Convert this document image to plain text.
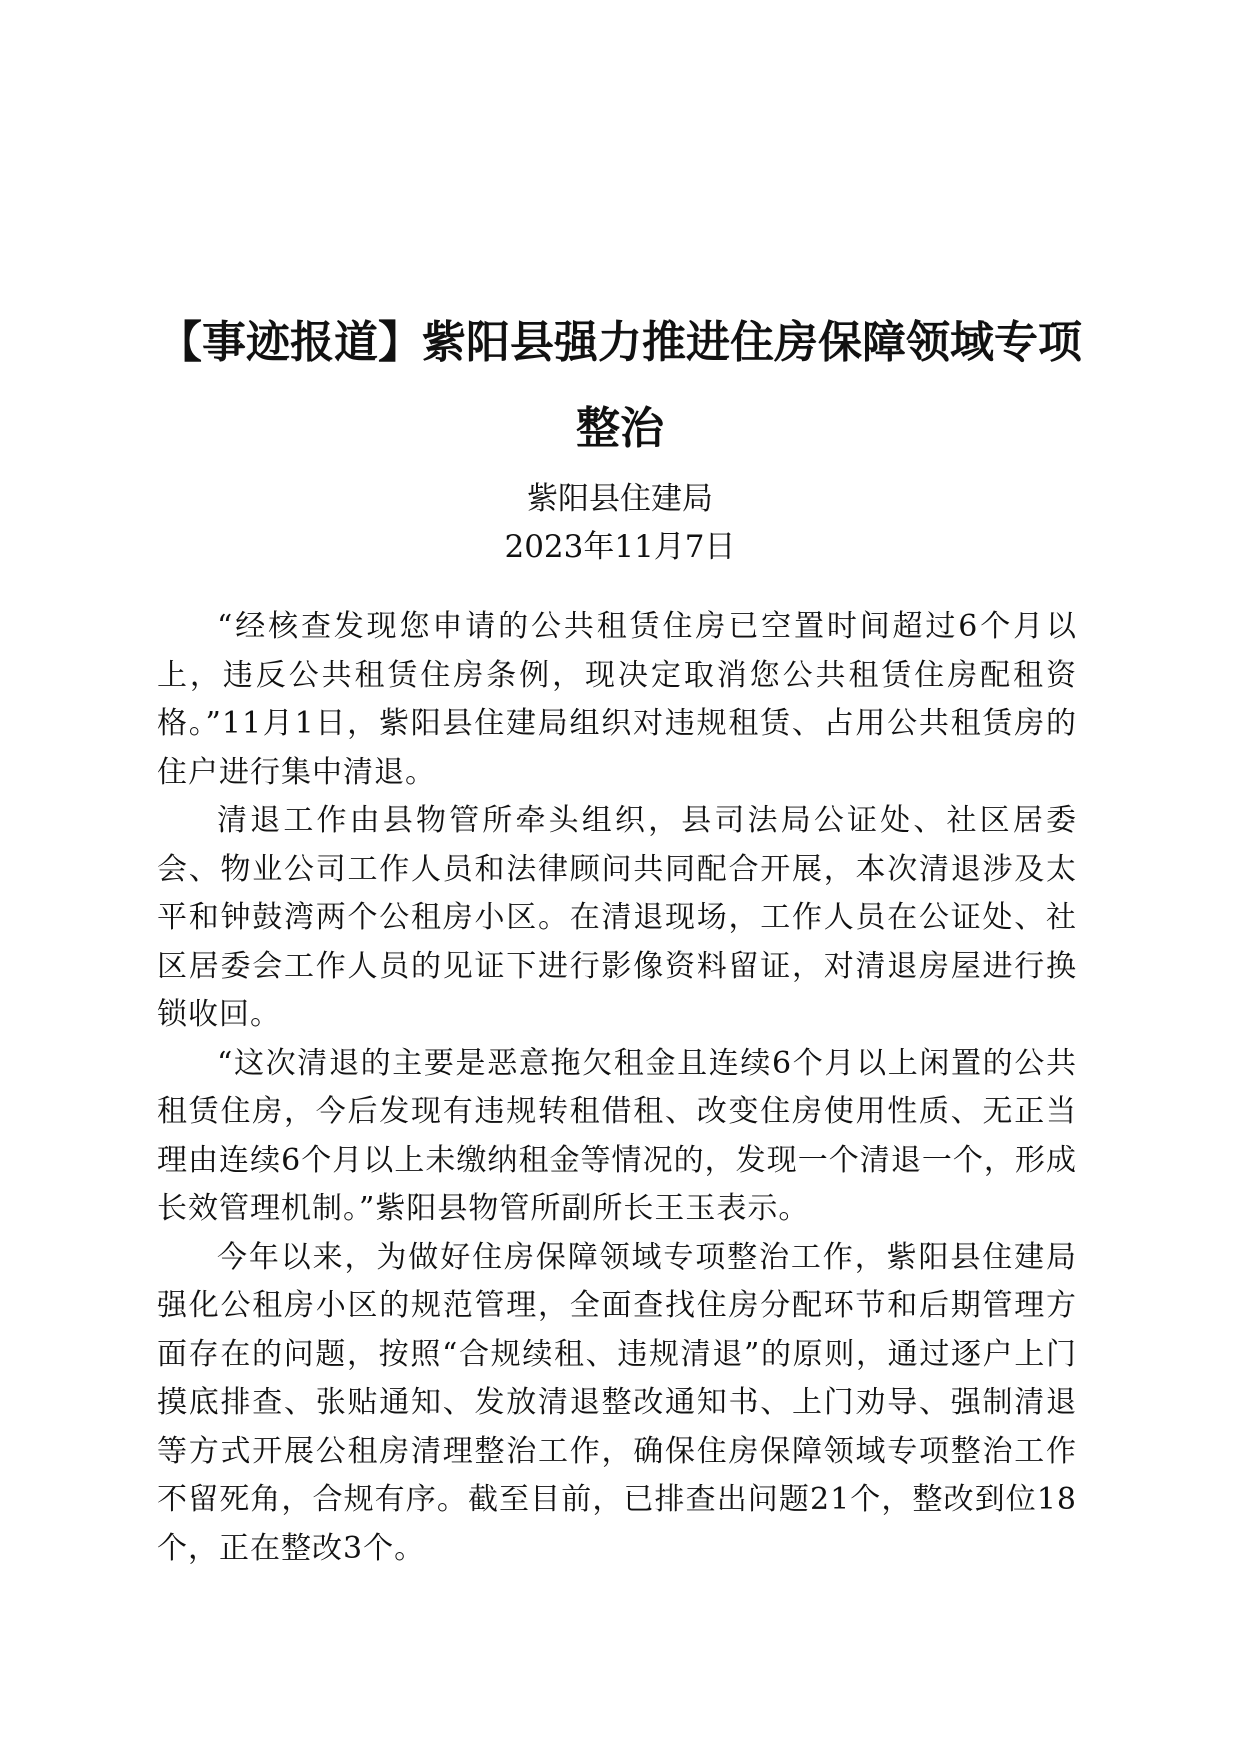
【事迹报道】紫阳县强力推进住房保障领域专项整治
紫阳县住建局
2023年11月7日

“经核查发现您申请的公共租赁住房已空置时间超过6个月以上，违反公共租赁住房条例，现决定取消您公共租赁住房配租资格。”11月1日，紫阳县住建局组织对违规租赁、占用公共租赁房的住户进行集中清退。

清退工作由县物管所牵头组织，县司法局公证处、社区居委会、物业公司工作人员和法律顾问共同配合开展，本次清退涉及太平和钟鼓湾两个公租房小区。在清退现场，工作人员在公证处、社区居委会工作人员的见证下进行影像资料留证，对清退房屋进行换锁收回。

“这次清退的主要是恶意拖欠租金且连续6个月以上闲置的公共租赁住房，今后发现有违规转租借租、改变住房使用性质、无正当理由连续6个月以上未缴纳租金等情况的，发现一个清退一个，形成长效管理机制。”紫阳县物管所副所长王玉表示。

今年以来，为做好住房保障领域专项整治工作，紫阳县住建局强化公租房小区的规范管理，全面查找住房分配环节和后期管理方面存在的问题，按照“合规续租、违规清退”的原则，通过逐户上门摸底排查、张贴通知、发放清退整改通知书、上门劝导、强制清退等方式开展公租房清理整治工作，确保住房保障领域专项整治工作不留死角，合规有序。截至目前，已排查出问题21个，整改到位18个，正在整改3个。
